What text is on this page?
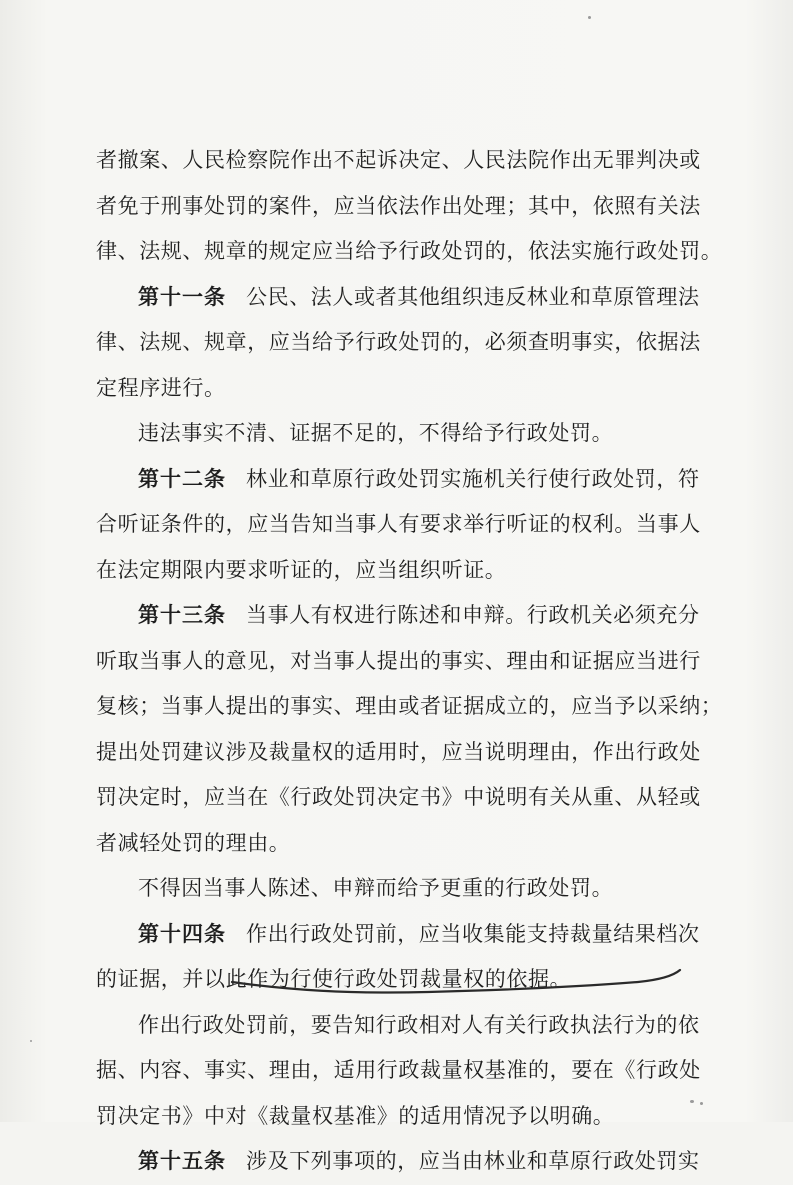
者撤案、人民检察院作出不起诉决定、人民法院作出无罪判决或
者免于刑事处罚的案件，应当依法作出处理；其中，依照有关法
律、法规、规章的规定应当给予行政处罚的，依法实施行政处罚。
第十一条 公民、法人或者其他组织违反林业和草原管理法
律、法规、规章，应当给予行政处罚的，必须查明事实，依据法
定程序进行。
违法事实不清、证据不足的，不得给予行政处罚。
第十二条 林业和草原行政处罚实施机关行使行政处罚，符
合听证条件的，应当告知当事人有要求举行听证的权利。当事人
在法定期限内要求听证的，应当组织听证。
第十三条 当事人有权进行陈述和申辩。行政机关必须充分
听取当事人的意见，对当事人提出的事实、理由和证据应当进行
复核；当事人提出的事实、理由或者证据成立的，应当予以采纳；
提出处罚建议涉及裁量权的适用时，应当说明理由，作出行政处
罚决定时，应当在《行政处罚决定书》中说明有关从重、从轻或
者减轻处罚的理由。
不得因当事人陈述、申辩而给予更重的行政处罚。
第十四条 作出行政处罚前，应当收集能支持裁量结果档次
的证据，并以此作为行使行政处罚裁量权的依据。
作出行政处罚前，要告知行政相对人有关行政执法行为的依
据、内容、事实、理由，适用行政裁量权基准的，要在《行政处
罚决定书》中对《裁量权基准》的适用情况予以明确。
第十五条 涉及下列事项的，应当由林业和草原行政处罚实
